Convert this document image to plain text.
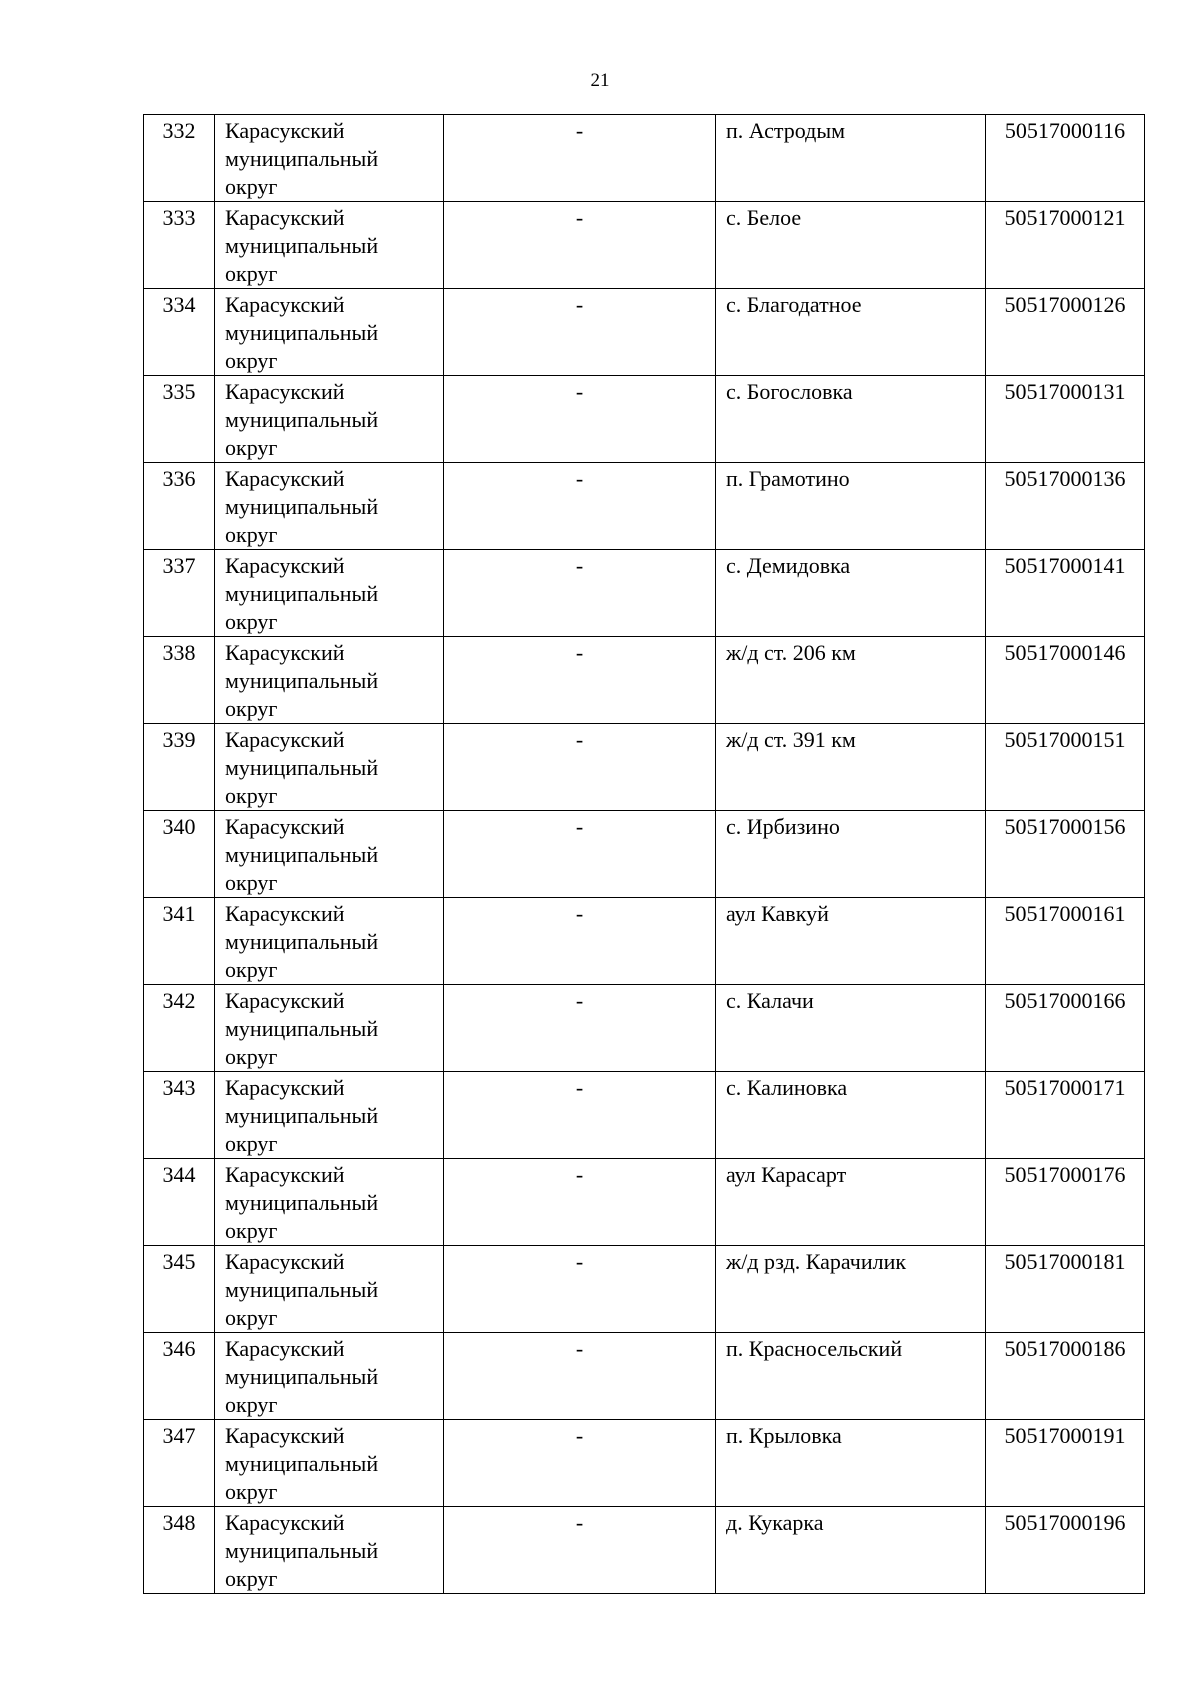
21
332	Карасукский
муниципальный
округ	-	п. Астродым	50517000116
333	Карасукский
муниципальный
округ	-	с. Белое	50517000121
334	Карасукский
муниципальный
округ	-	с. Благодатное	50517000126
335	Карасукский
муниципальный
округ	-	с. Богословка	50517000131
336	Карасукский
муниципальный
округ	-	п. Грамотино	50517000136
337	Карасукский
муниципальный
округ	-	с. Демидовка	50517000141
338	Карасукский
муниципальный
округ	-	ж/д ст. 206 км	50517000146
339	Карасукский
муниципальный
округ	-	ж/д ст. 391 км	50517000151
340	Карасукский
муниципальный
округ	-	с. Ирбизино	50517000156
341	Карасукский
муниципальный
округ	-	аул Кавкуй	50517000161
342	Карасукский
муниципальный
округ	-	с. Калачи	50517000166
343	Карасукский
муниципальный
округ	-	с. Калиновка	50517000171
344	Карасукский
муниципальный
округ	-	аул Карасарт	50517000176
345	Карасукский
муниципальный
округ	-	ж/д рзд. Карачилик	50517000181
346	Карасукский
муниципальный
округ	-	п. Красносельский	50517000186
347	Карасукский
муниципальный
округ	-	п. Крыловка	50517000191
348	Карасукский
муниципальный
округ	-	д. Кукарка	50517000196
